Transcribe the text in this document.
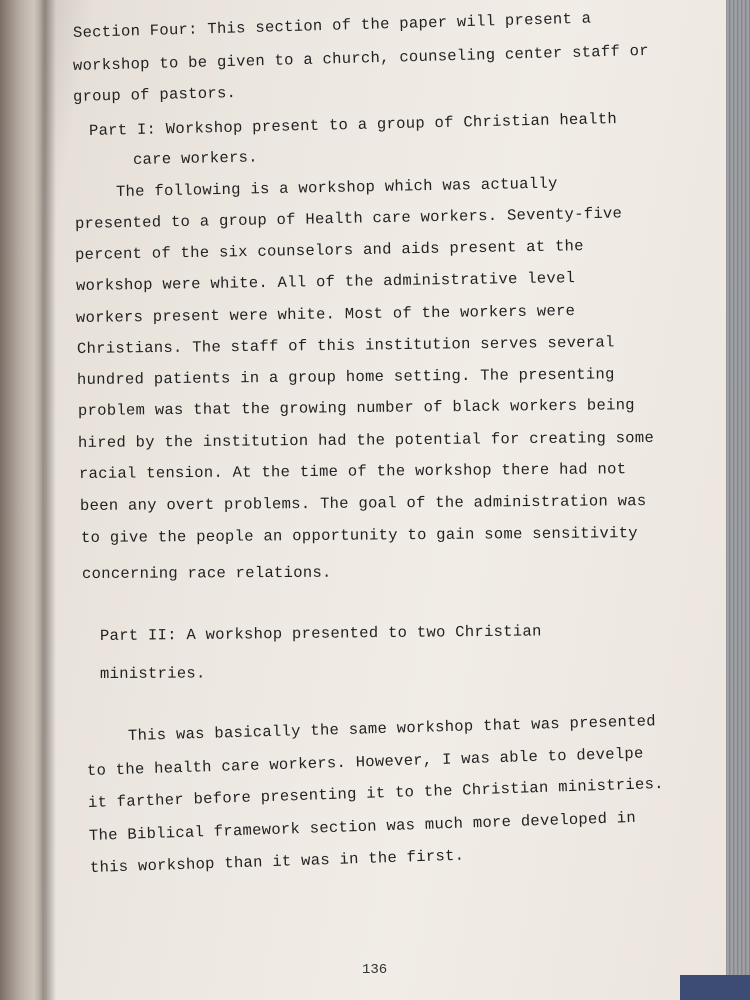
Section Four: This section of the paper will present a
workshop to be given to a church, counseling center staff or
group of pastors.
Part I: Workshop present to a group of Christian health
care workers.
The following is a workshop which was actually
presented to a group of Health care workers. Seventy-five
percent of the six counselors and aids present at the
workshop were white. All of the administrative level
workers present were white. Most of the workers were
Christians. The staff of this institution serves several
hundred patients in a group home setting. The presenting
problem was that the growing number of black workers being
hired by the institution had the potential for creating some
racial tension. At the time of the workshop there had not
been any overt problems. The goal of the administration was
to give the people an opportunity to gain some sensitivity
concerning race relations.
Part II: A workshop presented to two Christian
ministries.
This was basically the same workshop that was presented
to the health care workers. However, I was able to develpe
it farther before presenting it to the Christian ministries.
The Biblical framework section was much more developed in
this workshop than it was in the first.
136
